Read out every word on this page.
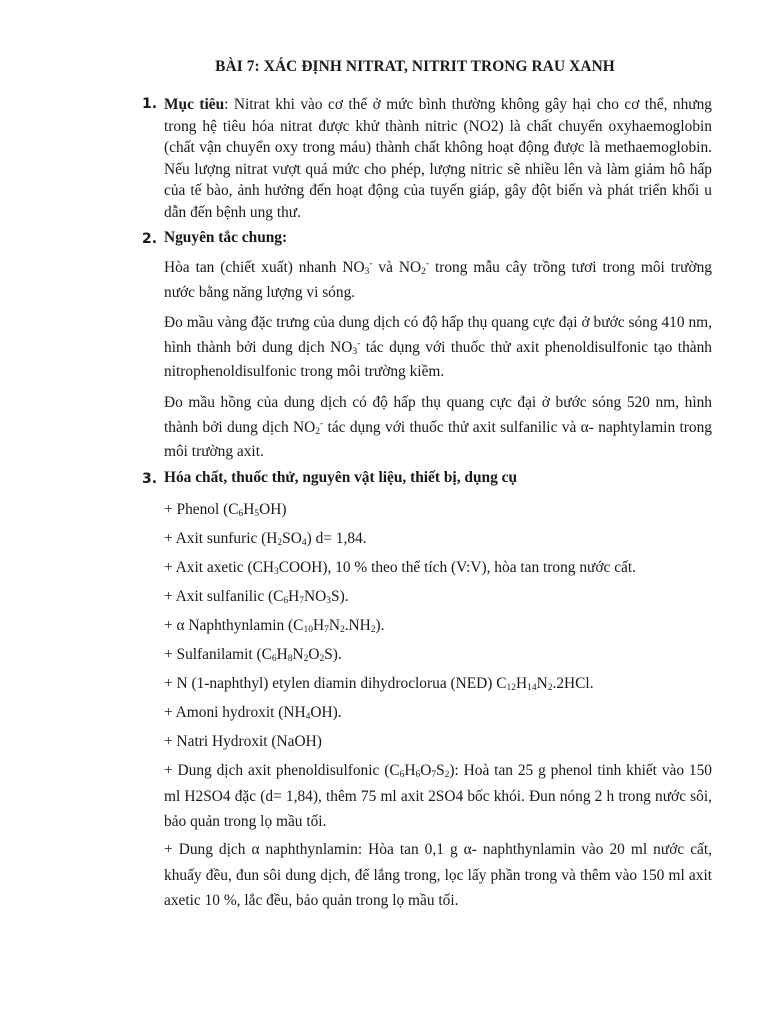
BÀI 7: XÁC ĐỊNH NITRAT, NITRIT TRONG RAU XANH
1. Mục tiêu: Nitrat khi vào cơ thể ở mức bình thường không gây hại cho cơ thể, nhưng trong hệ tiêu hóa nitrat được khử thành nitric (NO2) là chất chuyển oxyhaemoglobin (chất vận chuyển oxy trong máu) thành chất không hoạt động được là methaemoglobin. Nếu lượng nitrat vượt quá mức cho phép, lượng nitric sẽ nhiều lên và làm giảm hô hấp của tế bào, ảnh hưởng đến hoạt động của tuyến giáp, gây đột biến và phát triển khối u dẫn đến bệnh ung thư.
2. Nguyên tắc chung:
Hòa tan (chiết xuất) nhanh $NO_3^-$ và $NO_2^-$ trong mẫu cây trồng tươi trong môi trường nước bằng năng lượng vi sóng.
Đo mầu vàng đặc trưng của dung dịch có độ hấp thụ quang cực đại ở bước sóng 410 nm, hình thành bởi dung dịch $NO_3^-$ tác dụng với thuốc thử axit phenoldisulfonic tạo thành nitrophenoldisulfonic trong môi trường kiềm.
Đo mầu hồng của dung dịch có độ hấp thụ quang cực đại ở bước sóng 520 nm, hình thành bởi dung dịch $NO_2^-$ tác dụng với thuốc thử axit sulfanilic và α- naphtylamin trong môi trường axit.
3. Hóa chất, thuốc thử, nguyên vật liệu, thiết bị, dụng cụ
+ Phenol $(C_6H_5OH)$
+ Axit sunfuric $(H_2SO_4)$ d= 1,84.
+ Axit axetic $(CH_3COOH)$, 10 % theo thể tích (V:V), hòa tan trong nước cất.
+ Axit sulfanilic $(C_6H_7NO_3S)$.
+ α Naphthynlamin $(C_{10}H_7N_2.NH_2)$.
+ Sulfanilamit $(C_6H_8N_2O_2S)$.
+ N (1-naphthyl) etylen diamin dihydroclorua (NED) $C_{12}H_{14}N_2.2HCl$.
+ Amoni hydroxit $(NH_4OH)$.
+ Natri Hydroxit (NaOH)
+ Dung dịch axit phenoldisulfonic $(C_6H_6O_7S_2)$: Hoà tan 25 g phenol tinh khiết vào 150 ml H2SO4 đặc (d= 1,84), thêm 75 ml axit 2SO4 bốc khói. Đun nóng 2 h trong nước sôi, bảo quản trong lọ mầu tối.
+ Dung dịch α naphthynlamin: Hòa tan 0,1 g α- naphthynlamin vào 20 ml nước cất, khuấy đều, đun sôi dung dịch, để lắng trong, lọc lấy phần trong và thêm vào 150 ml axit axetic 10 %, lắc đều, bảo quản trong lọ mầu tối.
